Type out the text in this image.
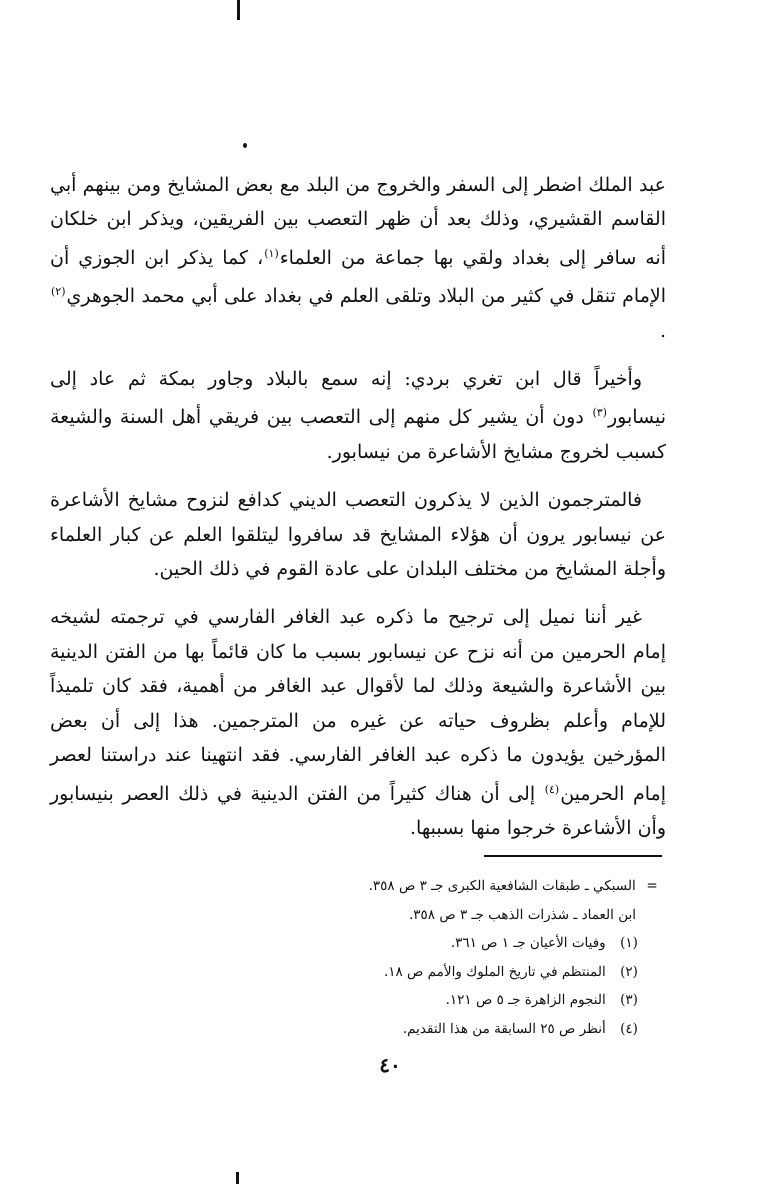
عبد الملك اضطر إلى السفر والخروج من البلد مع بعض المشايخ ومن بينهم أبي القاسم القشيري، وذلك بعد أن ظهر التعصب بين الفريقين، ويذكر ابن خلكان أنه سافر إلى بغداد ولقي بها جماعة من العلماء$^{(١)}$، كما يذكر ابن الجوزي أن الإمام تنقل في كثير من البلاد وتلقى العلم في بغداد على أبي محمد الجوهري$^{(٢)}$ .

وأخيراً قال ابن تغري بردي: إنه سمع بالبلاد وجاور بمكة ثم عاد إلى نيسابور$^{(٣)}$ دون أن يشير كل منهم إلى التعصب بين فريقي أهل السنة والشيعة كسبب لخروج مشايخ الأشاعرة من نيسابور.

فالمترجمون الذين لا يذكرون التعصب الديني كدافع لنزوح مشايخ الأشاعرة عن نيسابور يرون أن هؤلاء المشايخ قد سافروا ليتلقوا العلم عن كبار العلماء وأجلة المشايخ من مختلف البلدان على عادة القوم في ذلك الحين.

غير أننا نميل إلى ترجيح ما ذكره عبد الغافر الفارسي في ترجمته لشيخه إمام الحرمين من أنه نزح عن نيسابور بسبب ما كان قائماً بها من الفتن الدينية بين الأشاعرة والشيعة وذلك لما لأقوال عبد الغافر من أهمية، فقد كان تلميذاً للإمام وأعلم بظروف حياته عن غيره من المترجمين. هذا إلى أن بعض المؤرخين يؤيدون ما ذكره عبد الغافر الفارسي. فقد انتهينا عند دراستنا لعصر إمام الحرمين$^{(٤)}$ إلى أن هناك كثيراً من الفتن الدينية في ذلك العصر بنيسابور وأن الأشاعرة خرجوا منها بسببها.

= السبكي ـ طبقات الشافعية الكبرى جـ ٣ ص ٣٥٨.
ابن العماد ـ شذرات الذهب جـ ٣ ص ٣٥٨.
(١) وفيات الأعيان جـ ١ ص ٣٦١.
(٢) المنتظم في تاريخ الملوك والأمم ص ١٨.
(٣) النجوم الزاهرة جـ ٥ ص ١٢١.
(٤) أنظر ص ٢٥ السابقة من هذا التقديم.
٤٠
